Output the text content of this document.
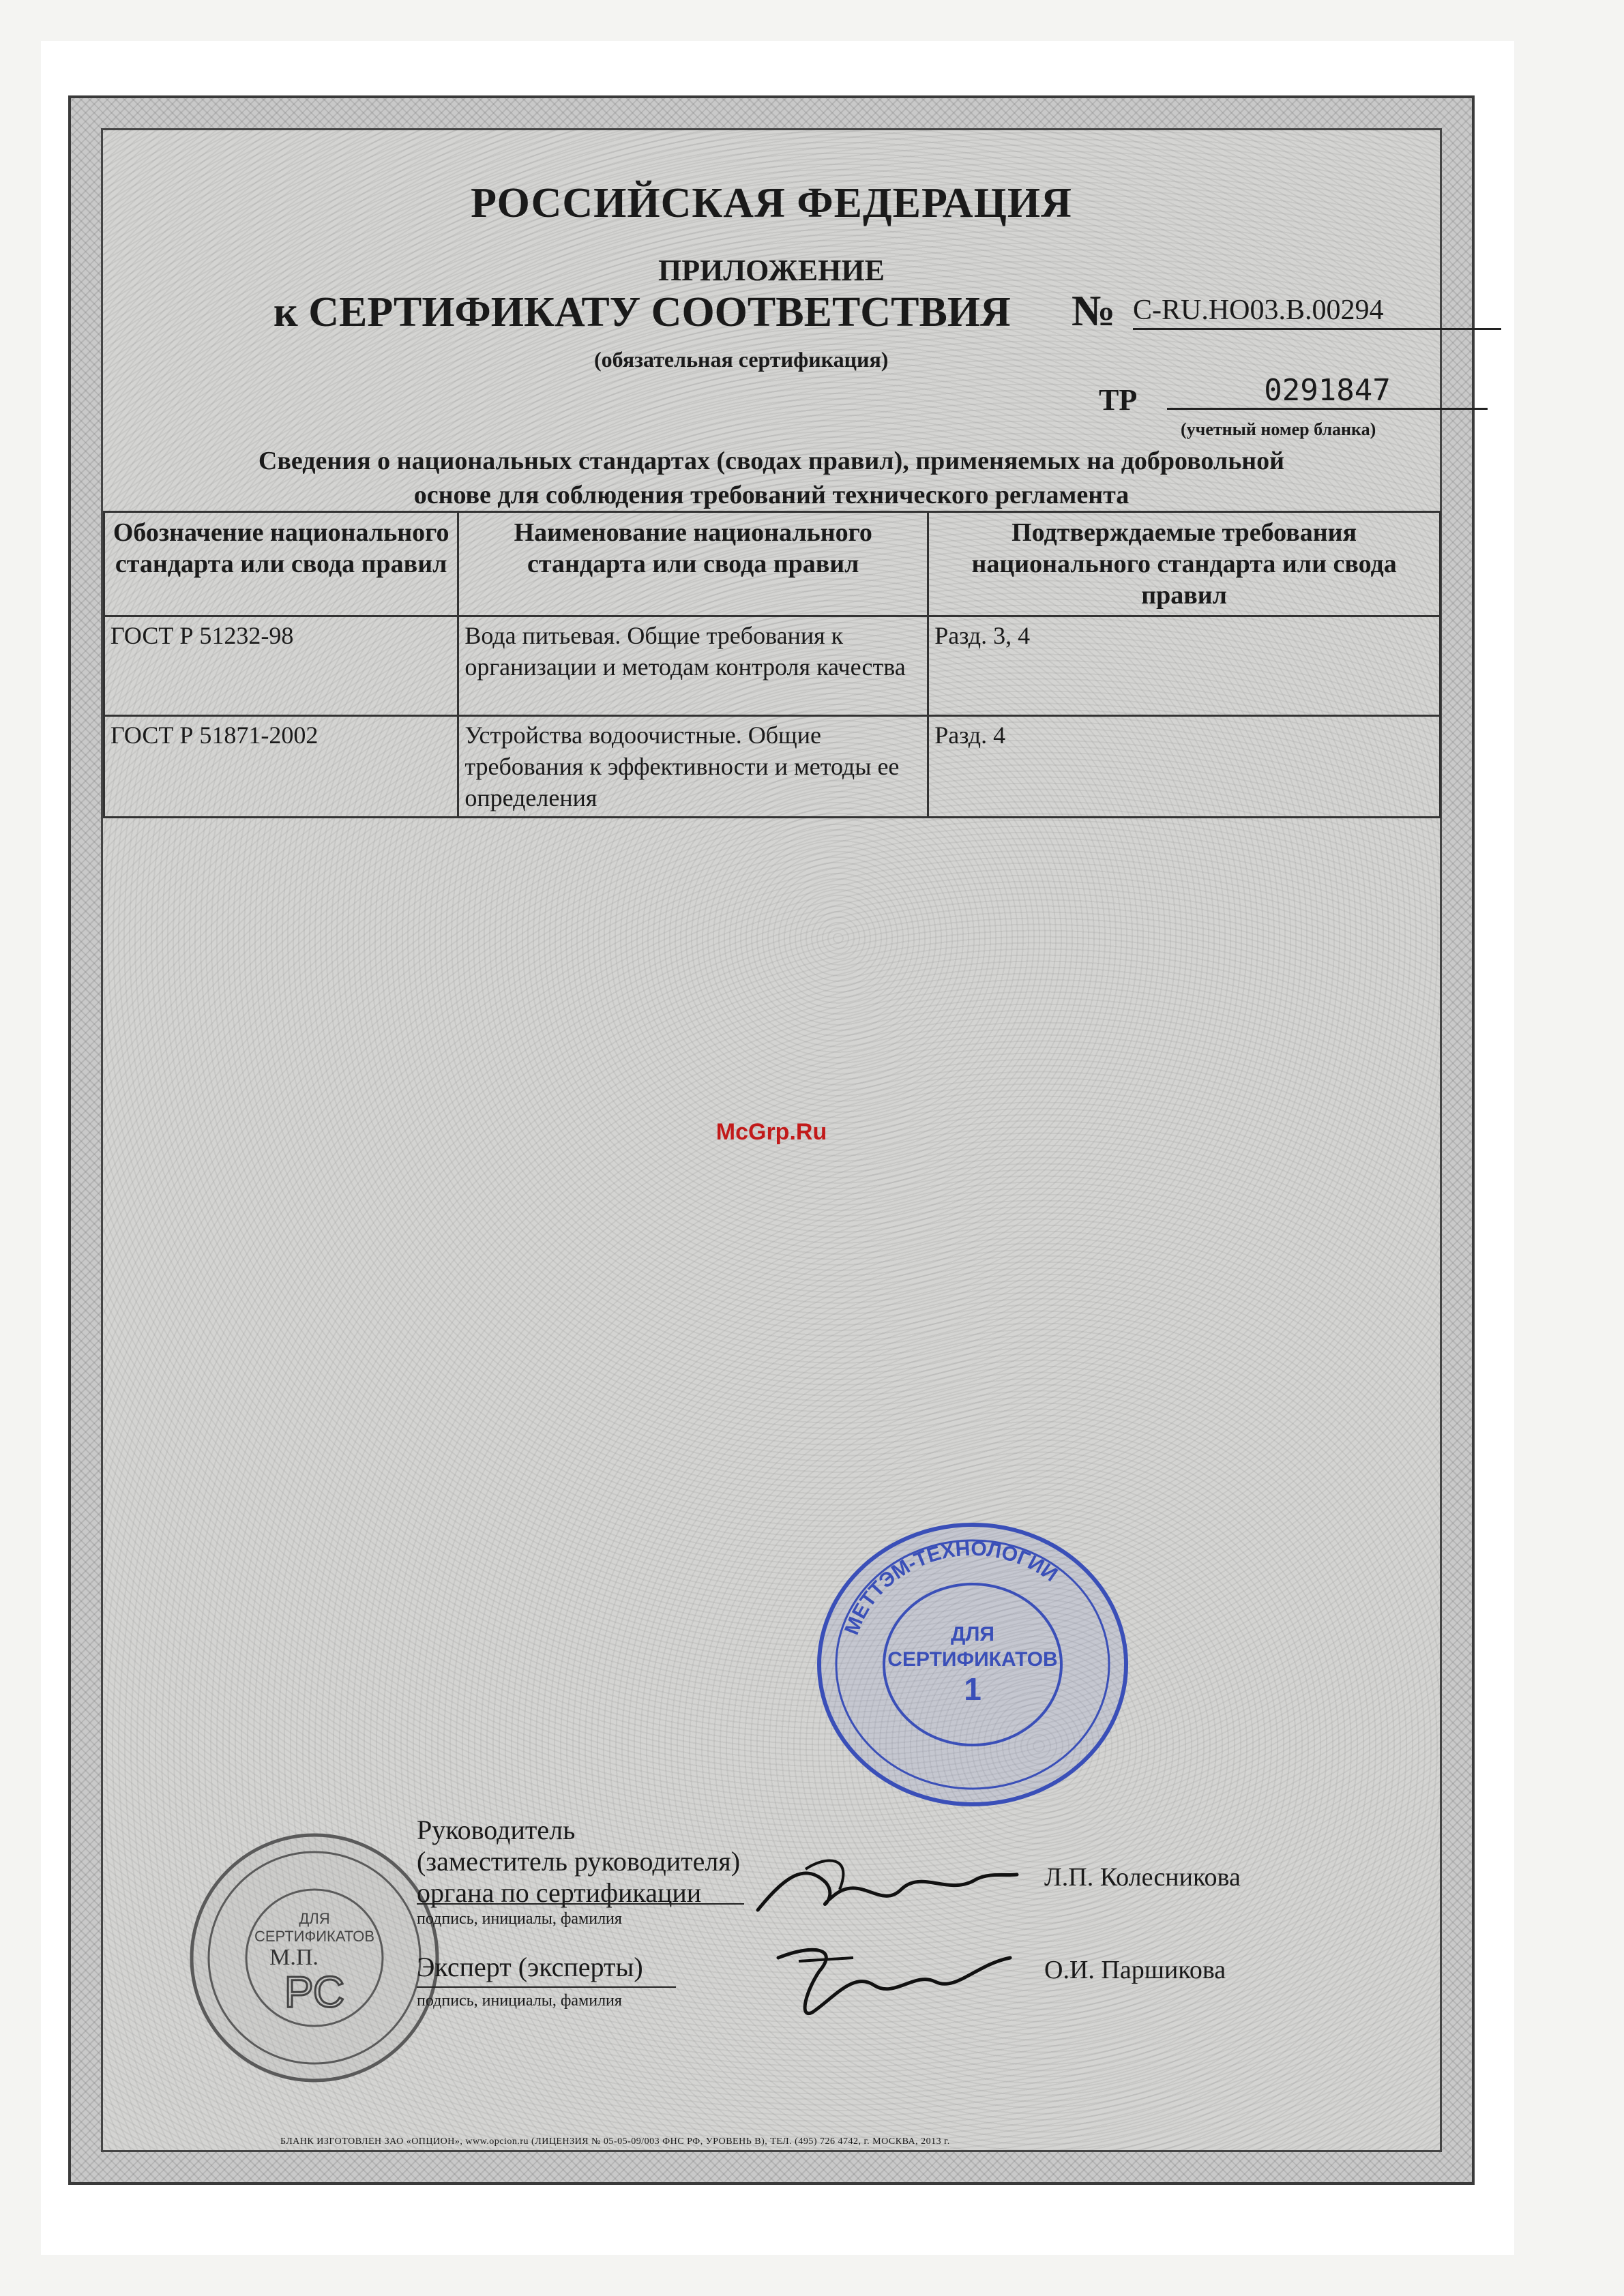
РОССИЙСКАЯ ФЕДЕРАЦИЯ
ПРИЛОЖЕНИЕ
к СЕРТИФИКАТУ СООТВЕТСТВИЯ № C-RU.HO03.B.00294
(обязательная сертификация)
ТР	0291847
(учетный номер бланка)
Сведения о национальных стандартах (сводах правил), применяемых на добровольной
основе для соблюдения требований технического регламента
Обозначение национального стандарта или свода правил	Наименование национального стандарта или свода правил	Подтверждаемые требования национального стандарта или свода правил
ГОСТ Р 51232-98	Вода питьевая. Общие требования к организации и методам контроля качества	Разд. 3, 4
ГОСТ Р 51871-2002	Устройства водоочистные. Общие требования к эффективности и методы ее определения	Разд. 4
McGrp.Ru
МЕТТЭМ-ТЕХНОЛОГИИ
ДЛЯ
СЕРТИФИКАТОВ
1
ДЛЯ
СЕРТИФИКАТОВ
М.П.
РС
Руководитель
(заместитель руководителя)
органа по сертификации
подпись, инициалы, фамилия
Л.П. Колесникова
Эксперт (эксперты)
подпись, инициалы, фамилия
О.И. Паршикова
БЛАНК ИЗГОТОВЛЕН ЗАО «ОПЦИОН», www.opcion.ru (ЛИЦЕНЗИЯ № 05-05-09/003 ФНС РФ, УРОВЕНЬ В), ТЕЛ. (495) 726 4742, г. МОСКВА, 2013 г.
